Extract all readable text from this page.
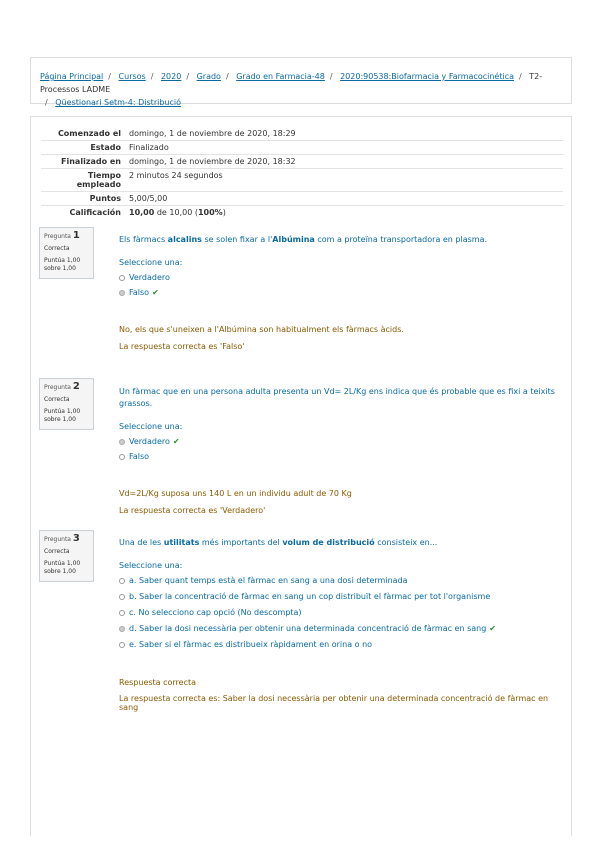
Página Principal / Cursos / 2020 / Grado / Grado en Farmacia-48 / 2020:90538:Biofarmacia y Farmacocinética / T2- Processos LADME
/ Qüestionari Setm-4: Distribució
Comenzado el	domingo, 1 de noviembre de 2020, 18:29
Estado	Finalizado
Finalizado en	domingo, 1 de noviembre de 2020, 18:32
Tiempo empleado	2 minutos 24 segundos
Puntos	5,00/5,00
Calificación	10,00 de 10,00 (100%)
Pregunta 1
Correcta
Puntúa 1,00
sobre 1,00
Els fàrmacs alcalins se solen fixar a l'Albúmina com a proteïna transportadora en plasma.
Seleccione una:
Verdadero
Falso ✔
No, els que s'uneixen a l'Albúmina son habitualment els fàrmacs àcids.
La respuesta correcta es 'Falso'
Pregunta 2
Correcta
Puntúa 1,00
sobre 1,00
Un fàrmac que en una persona adulta presenta un Vd= 2L/Kg ens indica que és probable que es fixi a teixits grassos.
Seleccione una:
Verdadero ✔
Falso
Vd=2L/Kg suposa uns 140 L en un individu adult de 70 Kg
La respuesta correcta es 'Verdadero'
Pregunta 3
Correcta
Puntúa 1,00
sobre 1,00
Una de les utilitats més importants del volum de distribució consisteix en...
Seleccione una:
a. Saber quant temps està el fàrmac en sang a una dosi determinada
b. Saber la concentració de fàrmac en sang un cop distribuït el fàrmac per tot l'organisme
c. No selecciono cap opció (No descompta)
d. Saber la dosi necessària per obtenir una determinada concentració de fàrmac en sang ✔
e. Saber si el fàrmac es distribueix ràpidament en orina o no
Respuesta correcta
La respuesta correcta es: Saber la dosi necessària per obtenir una determinada concentració de fàrmac en sang
